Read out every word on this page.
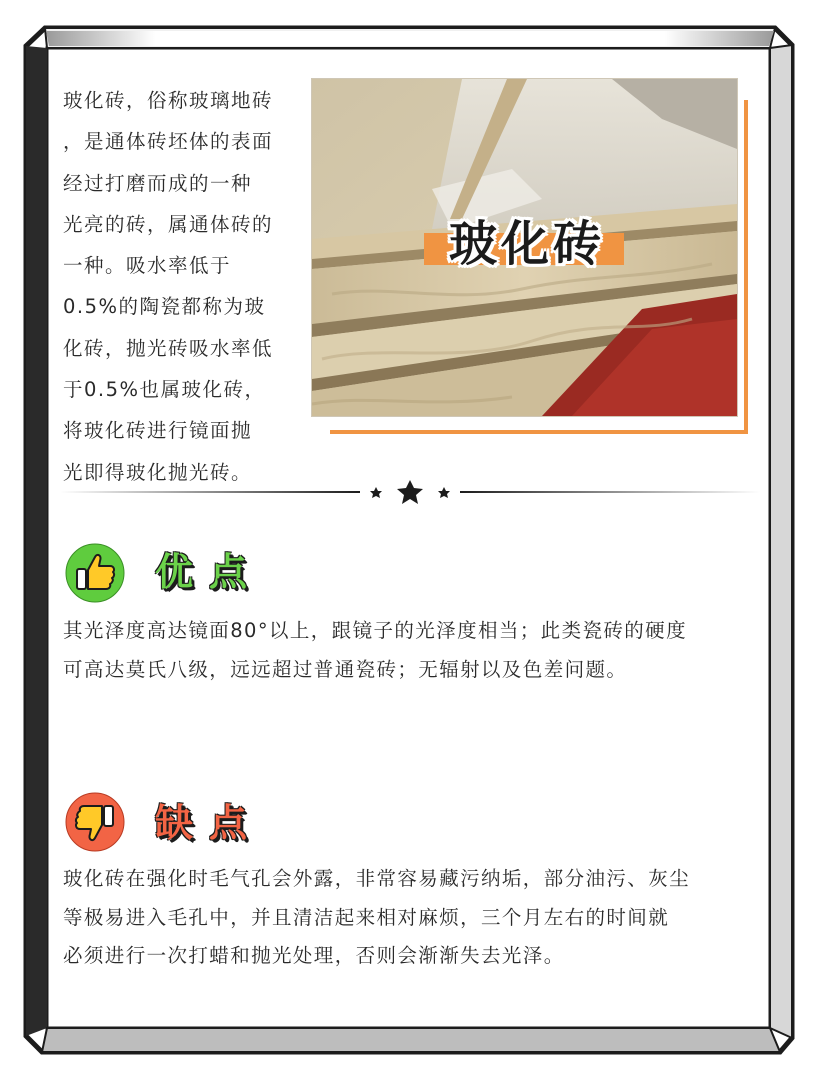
玻化砖，俗称玻璃地砖
，是通体砖坯体的表面
经过打磨而成的一种
光亮的砖，属通体砖的
一种。吸水率低于
0.5%的陶瓷都称为玻
化砖，抛光砖吸水率低
于0.5%也属玻化砖，
将玻化砖进行镜面抛
光即得玻化抛光砖。
玻化砖
优点
其光泽度高达镜面80°以上，跟镜子的光泽度相当；此类瓷砖的硬度
可高达莫氏八级，远远超过普通瓷砖；无辐射以及色差问题。
缺点
玻化砖在强化时毛气孔会外露，非常容易藏污纳垢，部分油污、灰尘
等极易进入毛孔中，并且清洁起来相对麻烦，三个月左右的时间就
必须进行一次打蜡和抛光处理，否则会渐渐失去光泽。
